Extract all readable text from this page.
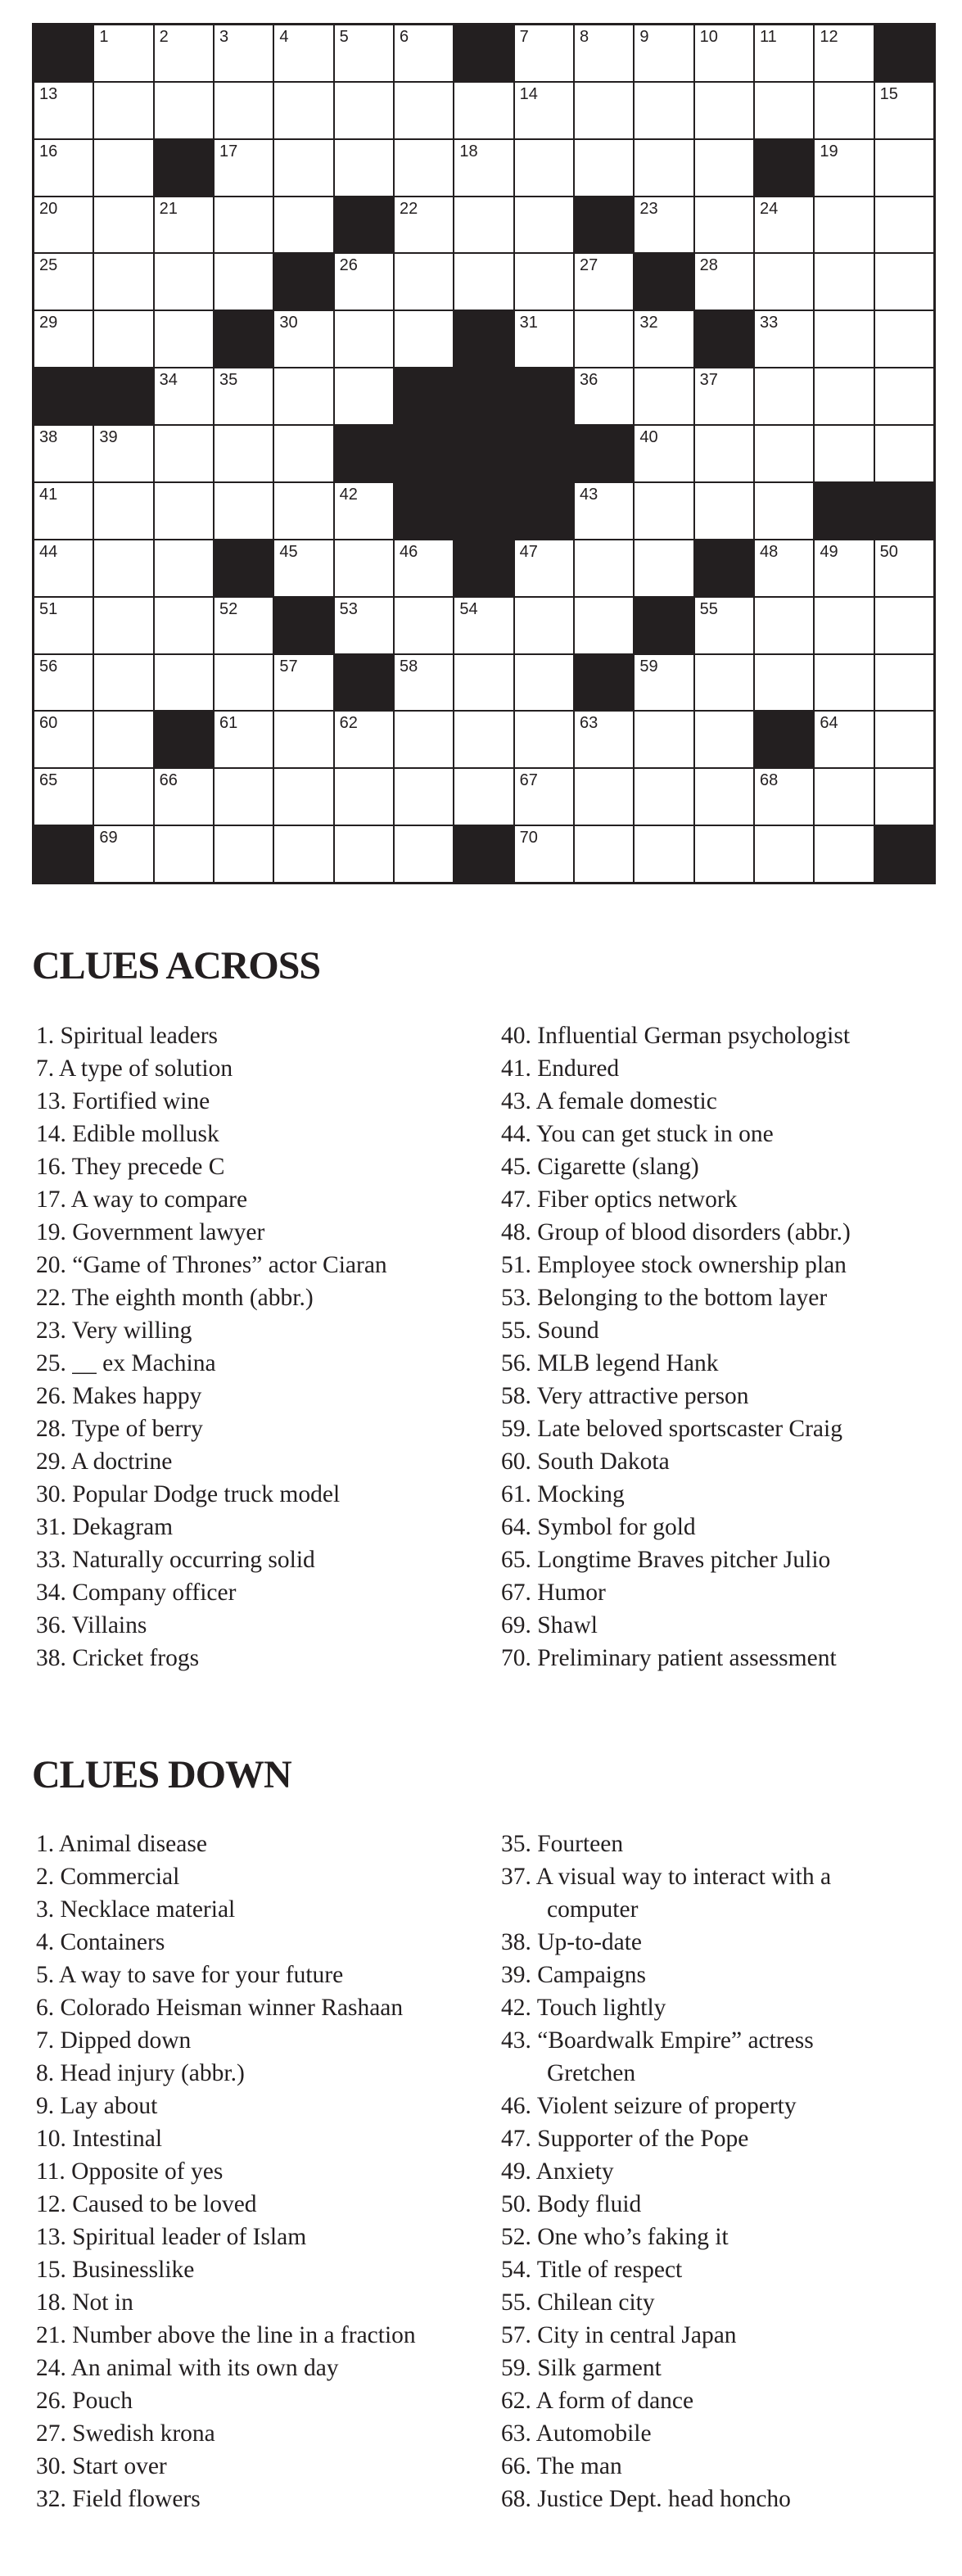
1	2	3	4	5	6	7	8	9	10	11	12
13	14	15
16	17	18	19
20	21	22	23	24
25	26	27	28
29	30	31	32	33
34	35	36	37
38	39	40
41	42	43
44	45	46	47	48	49	50
51	52	53	54	55
56	57	58	59
60	61	62	63	64
65	66	67	68
69	70
CLUES ACROSS
1. Spiritual leaders
7. A type of solution
13. Fortified wine
14. Edible mollusk
16. They precede C
17. A way to compare
19. Government lawyer
20. “Game of Thrones” actor Ciaran
22. The eighth month (abbr.)
23. Very willing
25. __ ex Machina
26. Makes happy
28. Type of berry
29. A doctrine
30. Popular Dodge truck model
31. Dekagram
33. Naturally occurring solid
34. Company officer
36. Villains
38. Cricket frogs
40. Influential German psychologist
41. Endured
43. A female domestic
44. You can get stuck in one
45. Cigarette (slang)
47. Fiber optics network
48. Group of blood disorders (abbr.)
51. Employee stock ownership plan
53. Belonging to the bottom layer
55. Sound
56. MLB legend Hank
58. Very attractive person
59. Late beloved sportscaster Craig
60. South Dakota
61. Mocking
64. Symbol for gold
65. Longtime Braves pitcher Julio
67. Humor
69. Shawl
70. Preliminary patient assessment
CLUES DOWN
1. Animal disease
2. Commercial
3. Necklace material
4. Containers
5. A way to save for your future
6. Colorado Heisman winner Rashaan
7. Dipped down
8. Head injury (abbr.)
9. Lay about
10. Intestinal
11. Opposite of yes
12. Caused to be loved
13. Spiritual leader of Islam
15. Businesslike
18. Not in
21. Number above the line in a fraction
24. An animal with its own day
26. Pouch
27. Swedish krona
30. Start over
32. Field flowers
35. Fourteen
37. A visual way to interact with a
computer
38. Up-to-date
39. Campaigns
42. Touch lightly
43. “Boardwalk Empire” actress
Gretchen
46. Violent seizure of property
47. Supporter of the Pope
49. Anxiety
50. Body fluid
52. One who’s faking it
54. Title of respect
55. Chilean city
57. City in central Japan
59. Silk garment
62. A form of dance
63. Automobile
66. The man
68. Justice Dept. head honcho
